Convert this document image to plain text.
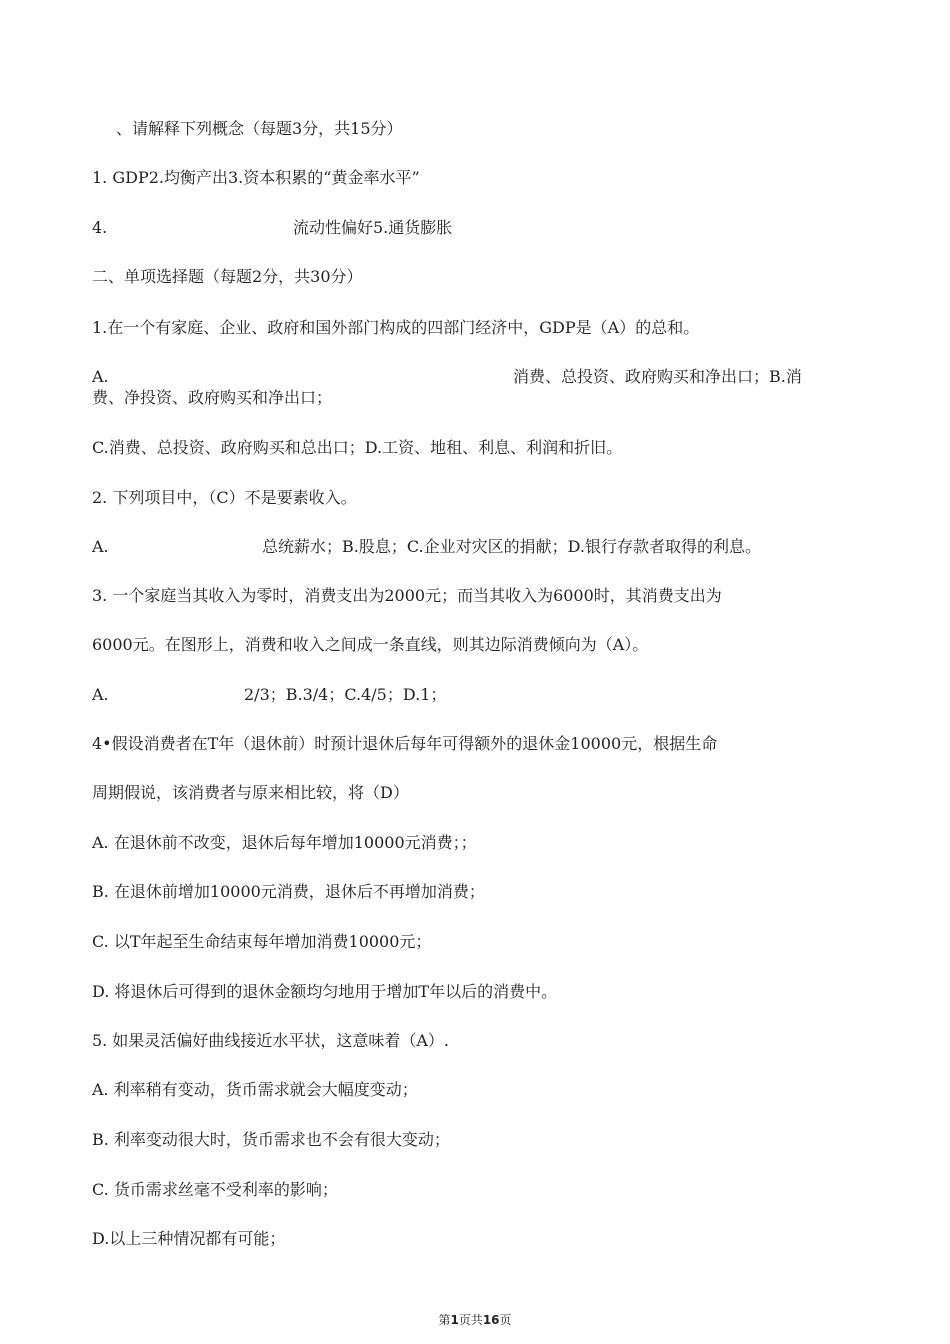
、请解释下列概念（每题3分，共15分）
1. GDP2.均衡产出3.资本积累的“黄金率水平”
4.	流动性偏好5.通货膨胀
二、单项选择题（每题2分，共30分）
1.在一个有家庭、企业、政府和国外部门构成的四部门经济中，GDP是（A）的总和。
A.	消费、总投资、政府购买和净出口；B.消
费、净投资、政府购买和净出口；
C.消费、总投资、政府购买和总出口；D.工资、地租、利息、利润和折旧。
2. 下列项目中，（C）不是要素收入。
A.	总统薪水；B.股息；C.企业对灾区的捐献；D.银行存款者取得的利息。
3. 一个家庭当其收入为零时，消费支出为2000元；而当其收入为6000时，其消费支出为
6000元。在图形上，消费和收入之间成一条直线，则其边际消费倾向为（A）。
A.	2/3；B.3/4；C.4/5；D.1；
4•假设消费者在T年（退休前）时预计退休后每年可得额外的退休金10000元，根据生命
周期假说，该消费者与原来相比较，将（D）
A. 在退休前不改变，退休后每年增加10000元消费；；
B. 在退休前增加10000元消费，退休后不再增加消费；
C. 以T年起至生命结束每年增加消费10000元；
D. 将退休后可得到的退休金额均匀地用于增加T年以后的消费中。
5. 如果灵活偏好曲线接近水平状，这意味着（A）.
A. 利率稍有变动，货币需求就会大幅度变动；
B. 利率变动很大时，货币需求也不会有很大变动；
C. 货币需求丝毫不受利率的影响；
D.以上三种情况都有可能；
第1页共16页
